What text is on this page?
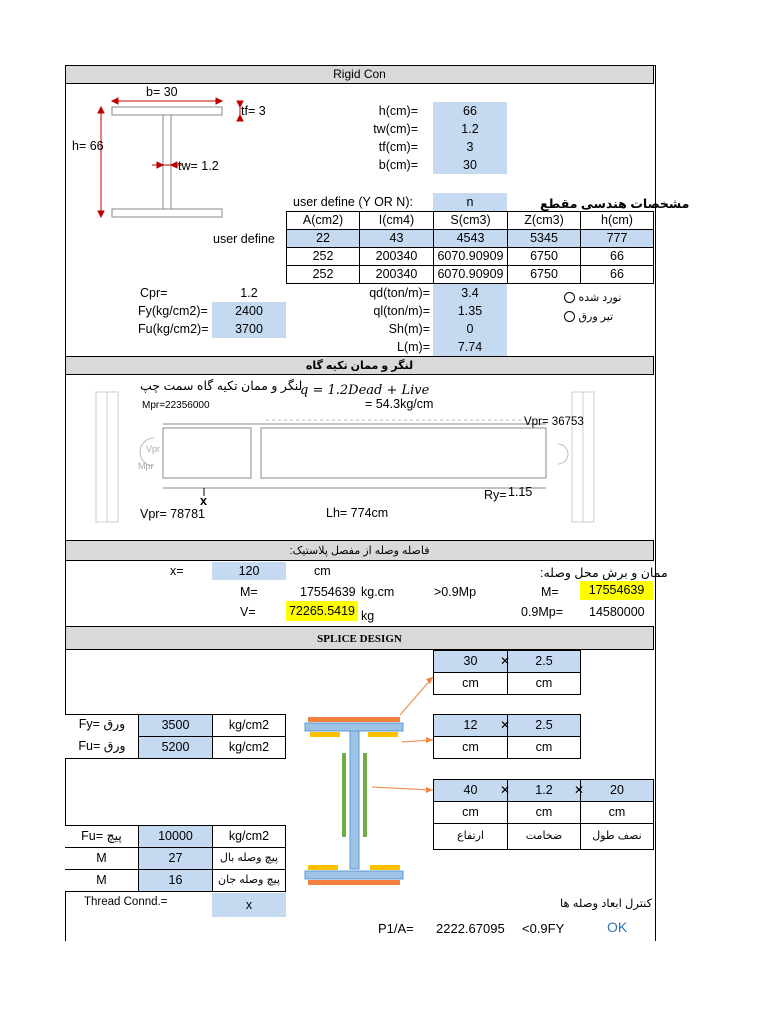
Rigid Con
b= 30
tf= 3
h= 66
tw= 1.2
h(cm)=	66
tw(cm)=	1.2
tf(cm)=	3
b(cm)=	30
user define (Y OR N):	n	مشخصات هندسی مقطع
user define
A(cm2)	I(cm4)	S(cm3)	Z(cm3)	h(cm)
22	43	4543	5345	777
252	200340	6070.90909	6750	66
252	200340	6070.90909	6750	66
Cpr=	1.2
Fy(kg/cm2)=	2400
Fu(kg/cm2)=	3700
qd(ton/m)=	3.4
ql(ton/m)=	1.35
Sh(m)=	0
L(m)=	7.74
نورد شده
تیر ورق
لنگر و ممان تکیه گاه
لنگر و ممان تکیه گاه سمت چپ
q = 1.2Dead + Live
= 54.3kg/cm
Mpr=22356000
Vpr= 36753
Vpr
Mpr
x	Ry= 1.15
Vpr= 78781	Lh= 774cm
فاصله وصله از مفصل پلاستیک:
x=	120	cm	ممان و برش محل وصله:
M=	17554639 kg.cm	>0.9Mp	M=	17554639
V=	72265.5419 kg	0.9Mp= 14580000
SPLICE DESIGN
30	2.5
cm	cm
✕
12	2.5
cm	cm
✕
40	1.2	20
cm	cm	cm
ارتفاع	ضخامت	نصف طول
✕	✕
Fy= ورق	3500	kg/cm2
Fu= ورق	5200	kg/cm2
Fu= پیچ	10000	kg/cm2
M	27	پیچ وصله بال
M	16	پیچ وصله جان
Thread Connd.=	x	کنترل ابعاد وصله ها
P1/A= 2222.67095 <0.9FY	OK
